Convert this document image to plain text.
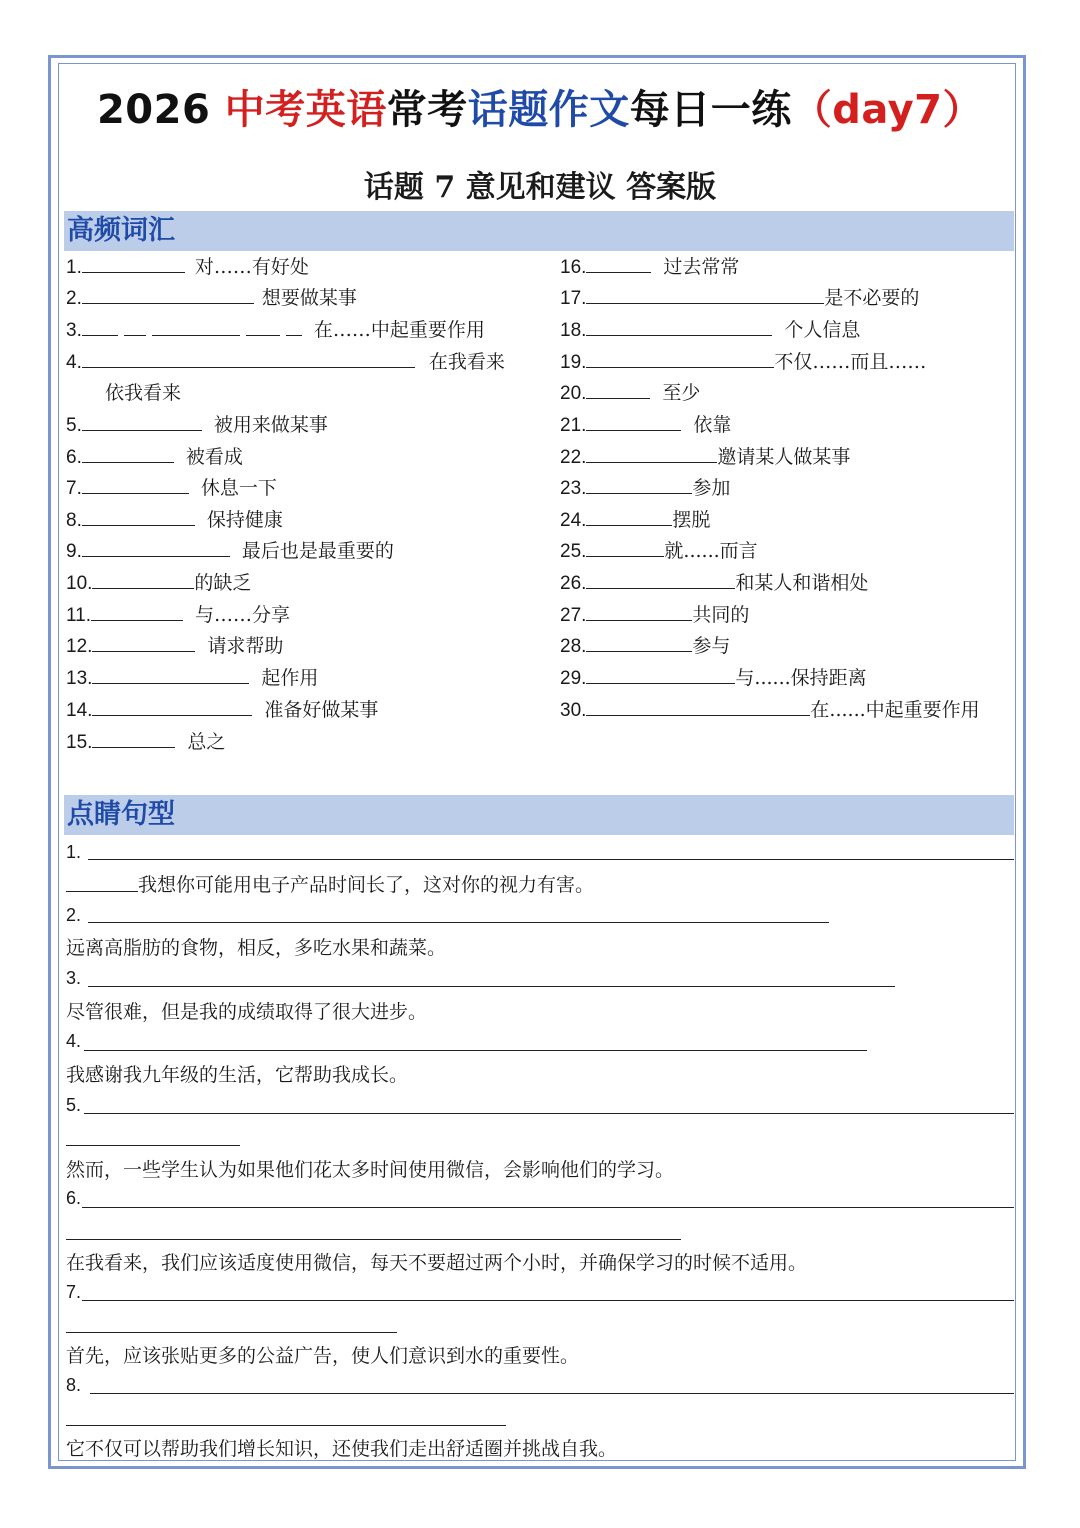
2026 中考英语常考话题作文每日一练（day7）
话题 7 意见和建议 答案版
高频词汇
1.	对……有好处
2.	想要做某事
3.	在……中起重要作用
4.	在我看来
依我看来
5.	被用来做某事
6.	被看成
7.	休息一下
8.	保持健康
9.	最后也是最重要的
10.	的缺乏
11.	与……分享
12.	请求帮助
13.	起作用
14.	准备好做某事
15.	总之
16.	过去常常
17.	是不必要的
18.	个人信息
19.	不仅……而且……
20.	至少
21.	依靠
22.	邀请某人做某事
23.	参加
24.	摆脱
25.	就......而言
26.	和某人和谐相处
27.	共同的
28.	参与
29.	与......保持距离
30.	在......中起重要作用
点睛句型
1.
我想你可能用电子产品时间长了，这对你的视力有害。
2.
远离高脂肪的食物，相反，多吃水果和蔬菜。
3.
尽管很难，但是我的成绩取得了很大进步。
4.
我感谢我九年级的生活，它帮助我成长。
5.
然而，一些学生认为如果他们花太多时间使用微信，会影响他们的学习。
6.
在我看来，我们应该适度使用微信，每天不要超过两个小时，并确保学习的时候不适用。
7.
首先，应该张贴更多的公益广告，使人们意识到水的重要性。
8.
它不仅可以帮助我们增长知识，还使我们走出舒适圈并挑战自我。
